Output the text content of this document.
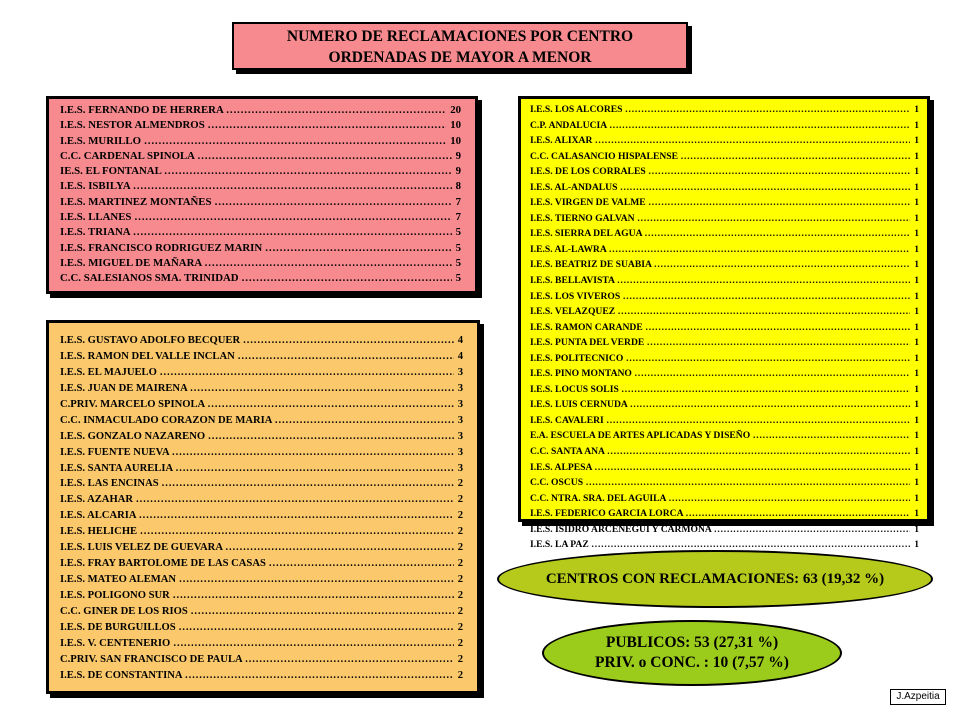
NUMERO DE RECLAMACIONES POR CENTRO
ORDENADAS DE MAYOR A MENOR
I.E.S. FERNANDO DE HERRERA …………………………………………………………………………………………………………………………………	20
I.E.S. NESTOR ALMENDROS …………………………………………………………………………………………………………………………………	10
I.E.S. MURILLO …………………………………………………………………………………………………………………………………	10
C.C. CARDENAL SPINOLA …………………………………………………………………………………………………………………………………	9
IE.S. EL FONTANAL …………………………………………………………………………………………………………………………………	9
I.E.S. ISBILYA …………………………………………………………………………………………………………………………………	8
I.E.S. MARTINEZ MONTAÑES …………………………………………………………………………………………………………………………………	7
I.E.S. LLANES …………………………………………………………………………………………………………………………………	7
I.E.S. TRIANA …………………………………………………………………………………………………………………………………	5
I.E.S. FRANCISCO RODRIGUEZ MARIN …………………………………………………………………………………………………………………………………	5
I.E.S. MIGUEL DE MAÑARA …………………………………………………………………………………………………………………………………	5
C.C. SALESIANOS SMA. TRINIDAD …………………………………………………………………………………………………………………………………	5
I.E.S. GUSTAVO ADOLFO BECQUER …………………………………………………………………………………………………………………………………	4
I.E.S. RAMON DEL VALLE INCLAN …………………………………………………………………………………………………………………………………	4
I.E.S. EL MAJUELO …………………………………………………………………………………………………………………………………	3
I.E.S. JUAN DE MAIRENA …………………………………………………………………………………………………………………………………	3
C.PRIV. MARCELO SPINOLA …………………………………………………………………………………………………………………………………	3
C.C. INMACULADO CORAZON DE MARIA …………………………………………………………………………………………………………………………………	3
I.E.S. GONZALO NAZARENO …………………………………………………………………………………………………………………………………	3
I.E.S. FUENTE NUEVA …………………………………………………………………………………………………………………………………	3
I.E.S. SANTA AURELIA …………………………………………………………………………………………………………………………………	3
I.E.S. LAS ENCINAS …………………………………………………………………………………………………………………………………	2
I.E.S. AZAHAR …………………………………………………………………………………………………………………………………	2
I.E.S. ALCARIA …………………………………………………………………………………………………………………………………	2
I.E.S. HELICHE …………………………………………………………………………………………………………………………………	2
I.E.S. LUIS VELEZ DE GUEVARA …………………………………………………………………………………………………………………………………	2
I.E.S. FRAY BARTOLOME DE LAS CASAS …………………………………………………………………………………………………………………………………	2
I.E.S. MATEO ALEMAN …………………………………………………………………………………………………………………………………	2
I.E.S. POLIGONO SUR …………………………………………………………………………………………………………………………………	2
C.C. GINER DE LOS RIOS …………………………………………………………………………………………………………………………………	2
I.E.S. DE BURGUILLOS …………………………………………………………………………………………………………………………………	2
I.E.S. V. CENTENERIO …………………………………………………………………………………………………………………………………	2
C.PRIV. SAN FRANCISCO DE PAULA …………………………………………………………………………………………………………………………………	2
I.E.S. DE CONSTANTINA …………………………………………………………………………………………………………………………………	2
I.E.S. LOS ALCORES …………………………………………………………………………………………………………………………………	1
C.P. ANDALUCIA …………………………………………………………………………………………………………………………………	1
I.E.S. ALIXAR …………………………………………………………………………………………………………………………………	1
C.C. CALASANCIO HISPALENSE …………………………………………………………………………………………………………………………………	1
I.E.S. DE LOS CORRALES …………………………………………………………………………………………………………………………………	1
I.E.S. AL-ANDALUS …………………………………………………………………………………………………………………………………	1
I.E.S. VIRGEN DE VALME …………………………………………………………………………………………………………………………………	1
I.E.S. TIERNO GALVAN …………………………………………………………………………………………………………………………………	1
I.E.S. SIERRA DEL AGUA …………………………………………………………………………………………………………………………………	1
I.E.S. AL-LAWRA …………………………………………………………………………………………………………………………………	1
I.E.S. BEATRIZ DE SUABIA …………………………………………………………………………………………………………………………………	1
I.E.S. BELLAVISTA …………………………………………………………………………………………………………………………………	1
I.E.S. LOS VIVEROS …………………………………………………………………………………………………………………………………	1
I.E.S. VELAZQUEZ …………………………………………………………………………………………………………………………………	1
I.E.S. RAMON CARANDE …………………………………………………………………………………………………………………………………	1
I.E.S. PUNTA DEL VERDE …………………………………………………………………………………………………………………………………	1
I.E.S. POLITECNICO …………………………………………………………………………………………………………………………………	1
I.E.S. PINO MONTANO …………………………………………………………………………………………………………………………………	1
I.E.S. LOCUS SOLIS …………………………………………………………………………………………………………………………………	1
I.E.S. LUIS CERNUDA …………………………………………………………………………………………………………………………………	1
I.E.S. CAVALERI …………………………………………………………………………………………………………………………………	1
E.A. ESCUELA DE ARTES APLICADAS Y DISEÑO …………………………………………………………………………………………………………………………………	1
C.C. SANTA ANA …………………………………………………………………………………………………………………………………	1
I.E.S. ALPESA …………………………………………………………………………………………………………………………………	1
C.C. OSCUS …………………………………………………………………………………………………………………………………	1
C.C. NTRA. SRA. DEL AGUILA …………………………………………………………………………………………………………………………………	1
I.E.S. FEDERICO GARCIA LORCA …………………………………………………………………………………………………………………………………	1
I.E.S. ISIDRO ARCENEGUI Y CARMONA …………………………………………………………………………………………………………………………………	1
I.E.S. LA PAZ …………………………………………………………………………………………………………………………………	1
CENTROS CON RECLAMACIONES: 63 (19,32 %)
PUBLICOS: 53 (27,31 %)
PRIV. o CONC. : 10 (7,57 %)
J.Azpeitia
